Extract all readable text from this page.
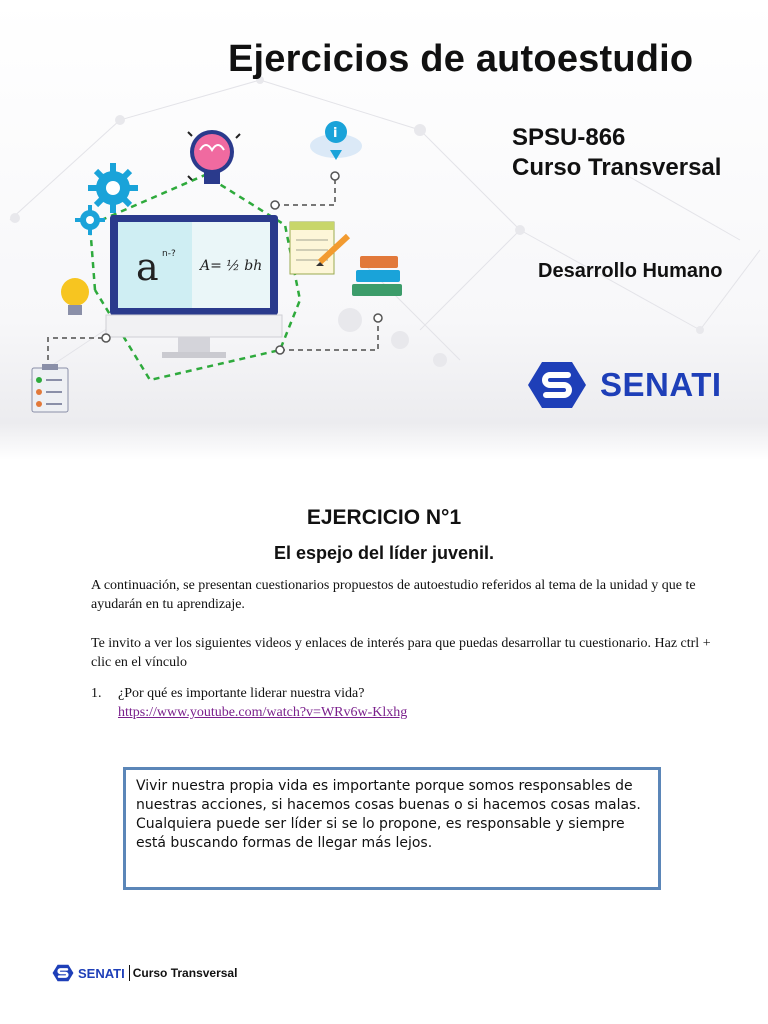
a n-?
A= ½ bh
i
Ejercicios de autoestudio
SPSU-866
Curso Transversal
Desarrollo Humano
SENATI
EJERCICIO N°1
El espejo del líder juvenil.
A continuación, se presentan cuestionarios propuestos de autoestudio referidos al tema de la unidad y que te ayudarán en tu aprendizaje.
Te invito a ver los siguientes videos y enlaces de interés para que puedas desarrollar tu cuestionario. Haz ctrl + clic en el vínculo
1. ¿Por qué es importante liderar nuestra vida?
https://www.youtube.com/watch?v=WRv6w-Klxhg
Vivir nuestra propia vida es importante porque somos responsables de nuestras acciones, si hacemos cosas buenas o si hacemos cosas malas. Cualquiera puede ser líder si se lo propone, es responsable y siempre está buscando formas de llegar más lejos.
SENATI Curso Transversal
